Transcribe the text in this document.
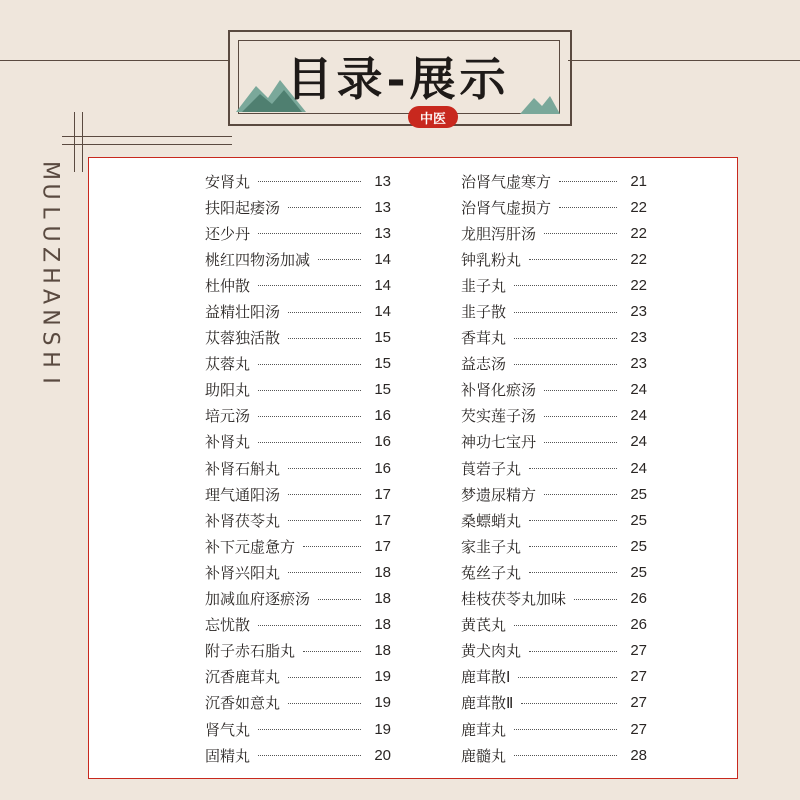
目录-展示
中医
M
U
L
U
Z
H
A
N
S
H
I
安肾丸	13
扶阳起痿汤	13
还少丹	13
桃红四物汤加减	14
杜仲散	14
益精壮阳汤	14
苁蓉独活散	15
苁蓉丸	15
助阳丸	15
培元汤	16
补肾丸	16
补肾石斛丸	16
理气通阳汤	17
补肾茯苓丸	17
补下元虚惫方	17
补肾兴阳丸	18
加减血府逐瘀汤	18
忘忧散	18
附子赤石脂丸	18
沉香鹿茸丸	19
沉香如意丸	19
肾气丸	19
固精丸	20
治肾气虚寒方	21
治肾气虚损方	22
龙胆泻肝汤	22
钟乳粉丸	22
韭子丸	22
韭子散	23
香茸丸	23
益志汤	23
补肾化瘀汤	24
芡实莲子汤	24
神功七宝丹	24
莨菪子丸	24
梦遗尿精方	25
桑螵蛸丸	25
家韭子丸	25
菟丝子丸	25
桂枝茯苓丸加味	26
黄芪丸	26
黄犬肉丸	27
鹿茸散Ⅰ	27
鹿茸散Ⅱ	27
鹿茸丸	27
鹿髓丸	28
